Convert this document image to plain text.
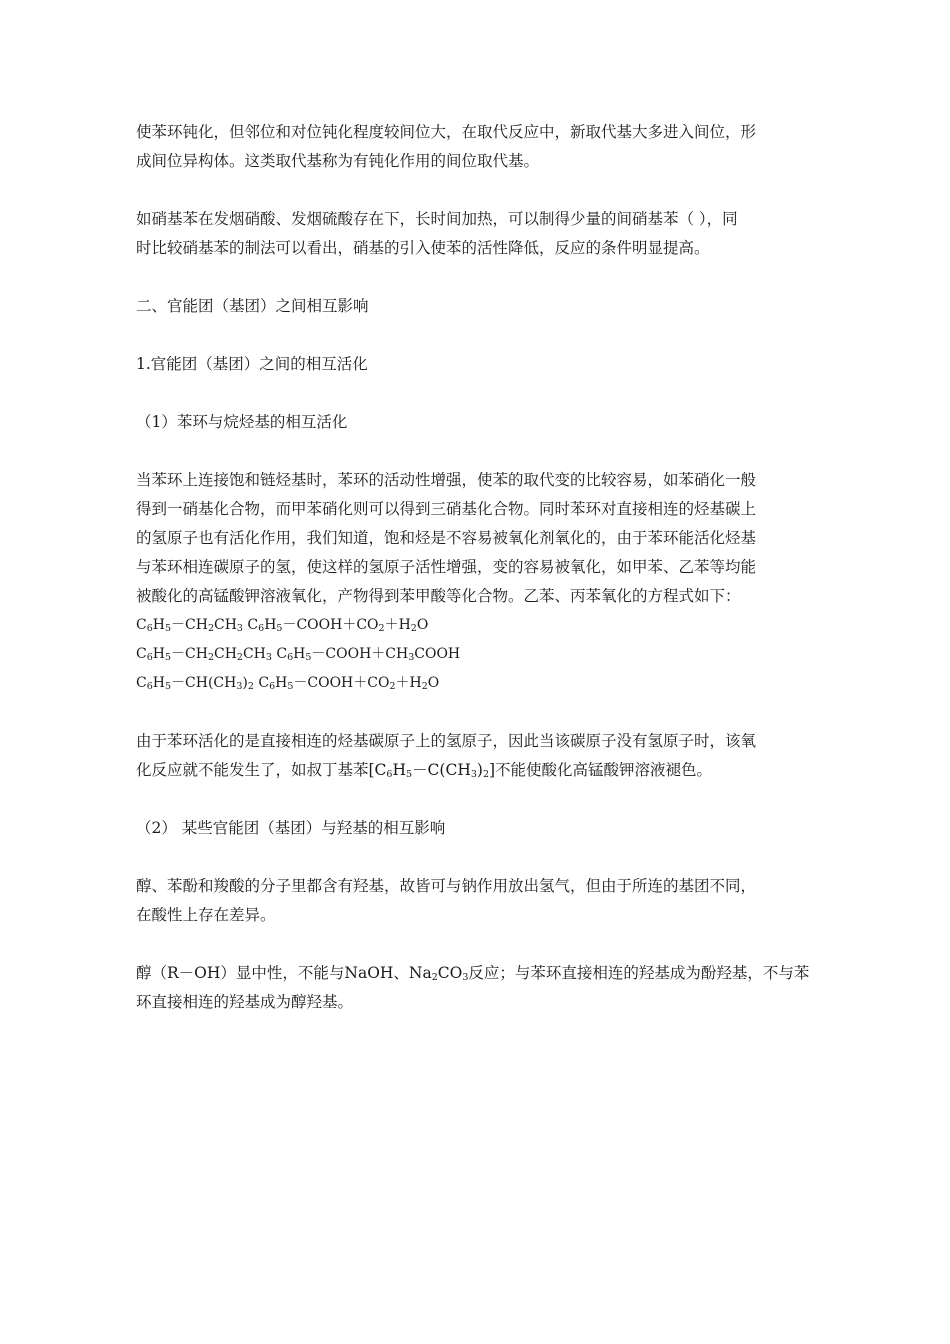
使苯环钝化，但邻位和对位钝化程度较间位大，在取代反应中，新取代基大多进入间位，形

成间位异构体。这类取代基称为有钝化作用的间位取代基。

如硝基苯在发烟硝酸、发烟硫酸存在下，长时间加热，可以制得少量的间硝基苯（ ），同

时比较硝基苯的制法可以看出，硝基的引入使苯的活性降低，反应的条件明显提高。

二、官能团（基团）之间相互影响

1.官能团（基团）之间的相互活化

（1）苯环与烷烃基的相互活化

当苯环上连接饱和链烃基时，苯环的活动性增强，使苯的取代变的比较容易，如苯硝化一般

得到一硝基化合物，而甲苯硝化则可以得到三硝基化合物。同时苯环对直接相连的烃基碳上

的氢原子也有活化作用，我们知道，饱和烃是不容易被氧化剂氧化的，由于苯环能活化烃基

与苯环相连碳原子的氢，使这样的氢原子活性增强，变的容易被氧化，如甲苯、乙苯等均能

被酸化的高锰酸钾溶液氧化，产物得到苯甲酸等化合物。乙苯、丙苯氧化的方程式如下：

$C_6H_5-CH_2CH_3$ $C_6H_5-COOH+CO_2+H_2O$

$C_6H_5-CH_2CH_2CH_3$ $C_6H_5-COOH+CH_3COOH$

$C_6H_5-CH(CH_3)_2$ $C_6H_5-COOH+CO_2+H_2O$

由于苯环活化的是直接相连的烃基碳原子上的氢原子，因此当该碳原子没有氢原子时，该氧

化反应就不能发生了，如叔丁基苯$[C_6H_5-C(CH_3)_2]$不能使酸化高锰酸钾溶液褪色。

（2） 某些官能团（基团）与羟基的相互影响

醇、苯酚和羧酸的分子里都含有羟基，故皆可与钠作用放出氢气，但由于所连的基团不同，

在酸性上存在差异。

醇（R－OH）显中性，不能与NaOH、$Na_2CO_3$反应；与苯环直接相连的羟基成为酚羟基，不与苯

环直接相连的羟基成为醇羟基。
